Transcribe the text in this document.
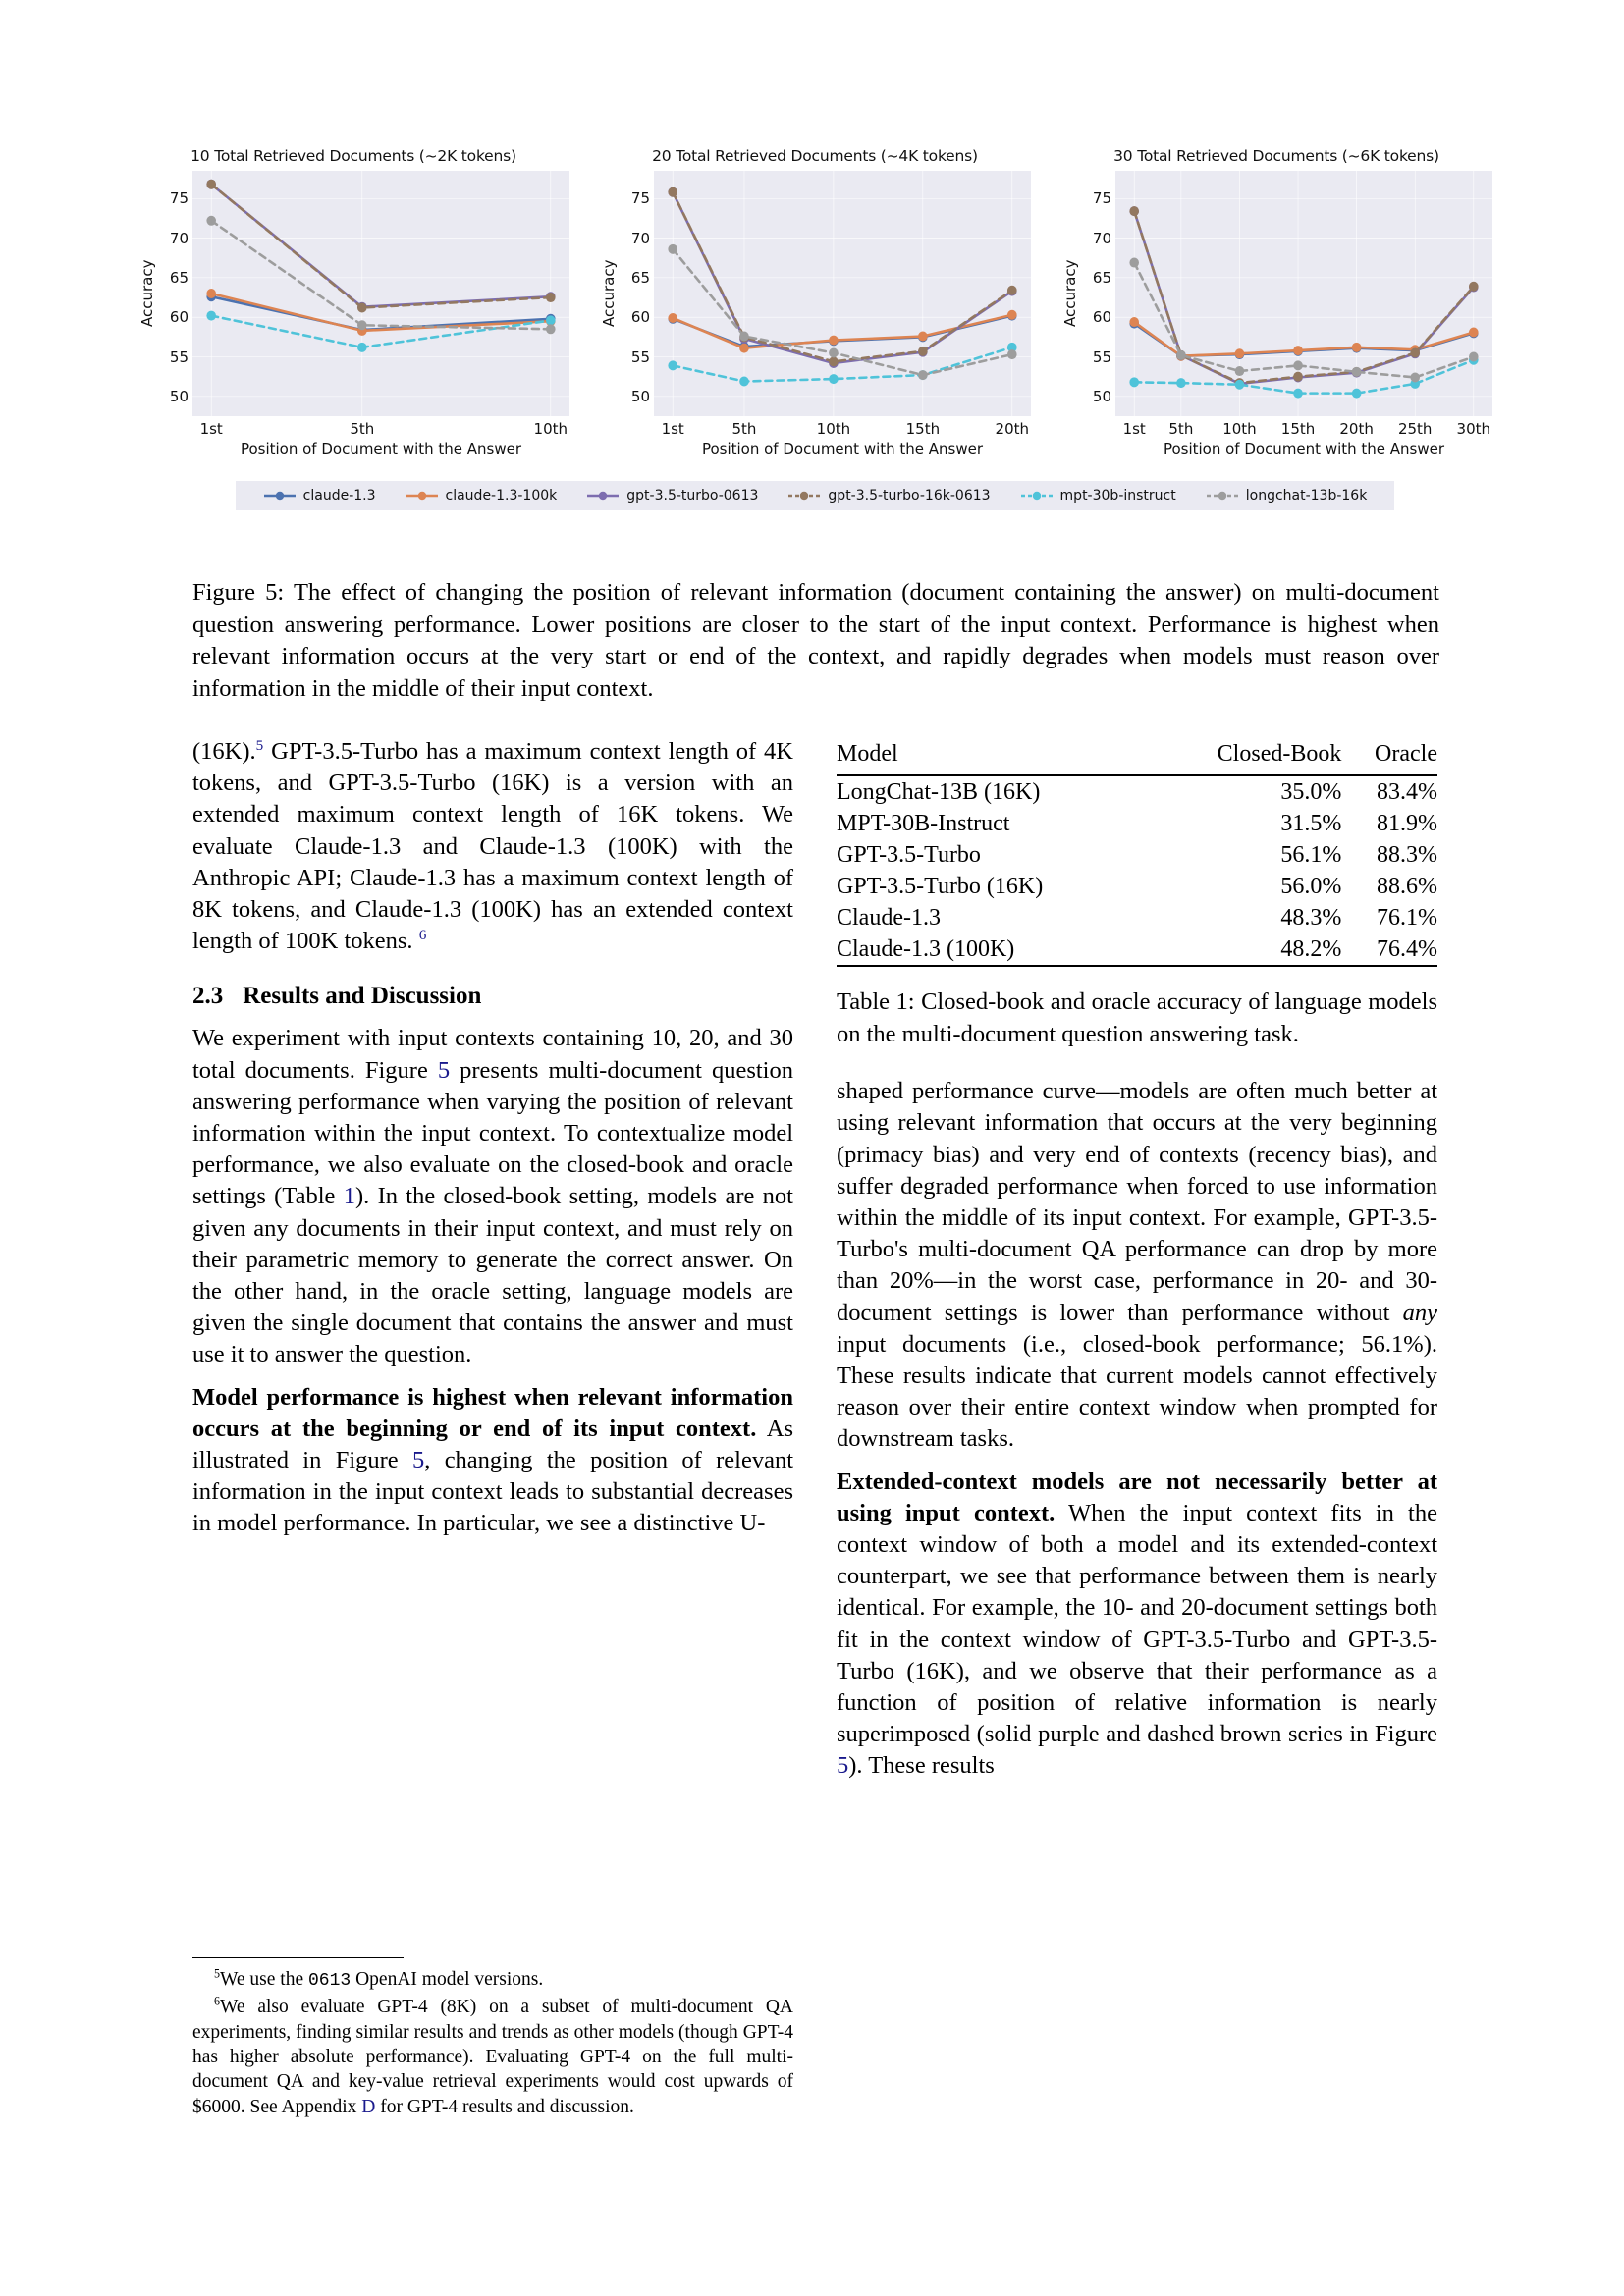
10 Total Retrieved Documents (~2K tokens)
Accuracy
50
55
60
65
70
75
1st	5th	10th
Position of Document with the Answer
20 Total Retrieved Documents (~4K tokens)
Accuracy
50
55
60
65
70
75
1st	5th	10th	15th	20th
Position of Document with the Answer
30 Total Retrieved Documents (~6K tokens)
Accuracy
50
55
60
65
70
75
1st 5th 10th 15th 20th 25th 30th
Position of Document with the Answer
claude-1.3	claude-1.3-100k	gpt-3.5-turbo-0613	gpt-3.5-turbo-16k-0613	mpt-30b-instruct	longchat-13b-16k
Figure 5: The effect of changing the position of relevant information (document containing the answer) on multi-document question answering performance. Lower positions are closer to the start of the input context. Performance is highest when relevant information occurs at the very start or end of the context, and rapidly degrades when models must reason over information in the middle of their input context.

(16K).$^5$ GPT-3.5-Turbo has a maximum context length of 4K tokens, and GPT-3.5-Turbo (16K) is a version with an extended maximum context length of 16K tokens. We evaluate Claude-1.3 and Claude-1.3 (100K) with the Anthropic API; Claude-1.3 has a maximum context length of 8K tokens, and Claude-1.3 (100K) has an extended context length of 100K tokens. $^6$

2.3 Results and Discussion

We experiment with input contexts containing 10, 20, and 30 total documents. Figure 5 presents multi-document question answering performance when varying the position of relevant information within the input context. To contextualize model performance, we also evaluate on the closed-book and oracle settings (Table 1). In the closed-book setting, models are not given any documents in their input context, and must rely on their parametric memory to generate the correct answer. On the other hand, in the oracle setting, language models are given the single document that contains the answer and must use it to answer the question.

Model performance is highest when relevant information occurs at the beginning or end of its input context. As illustrated in Figure 5, changing the position of relevant information in the input context leads to substantial decreases in model performance. In particular, we see a distinctive U-

Model	Closed-Book	Oracle

LongChat-13B (16K)	35.0%	83.4%
MPT-30B-Instruct	31.5%	81.9%
GPT-3.5-Turbo	56.1%	88.3%
GPT-3.5-Turbo (16K)	56.0%	88.6%
Claude-1.3	48.3%	76.1%
Claude-1.3 (100K)	48.2%	76.4%

Table 1: Closed-book and oracle accuracy of language models on the multi-document question answering task.

shaped performance curve—models are often much better at using relevant information that occurs at the very beginning (primacy bias) and very end of contexts (recency bias), and suffer degraded performance when forced to use information within the middle of its input context. For example, GPT-3.5-Turbo's multi-document QA performance can drop by more than 20%—in the worst case, performance in 20- and 30-document settings is lower than performance without any input documents (i.e., closed-book performance; 56.1%). These results indicate that current models cannot effectively reason over their entire context window when prompted for downstream tasks.

Extended-context models are not necessarily better at using input context. When the input context fits in the context window of both a model and its extended-context counterpart, we see that performance between them is nearly identical. For example, the 10- and 20-document settings both fit in the context window of GPT-3.5-Turbo and GPT-3.5-Turbo (16K), and we observe that their performance as a function of position of relative information is nearly superimposed (solid purple and dashed brown series in Figure 5). These results

$^5$We use the 0613 OpenAI model versions.

$^6$We also evaluate GPT-4 (8K) on a subset of multi-document QA experiments, finding similar results and trends as other models (though GPT-4 has higher absolute performance). Evaluating GPT-4 on the full multi-document QA and key-value retrieval experiments would cost upwards of $6000. See Appendix D for GPT-4 results and discussion.
